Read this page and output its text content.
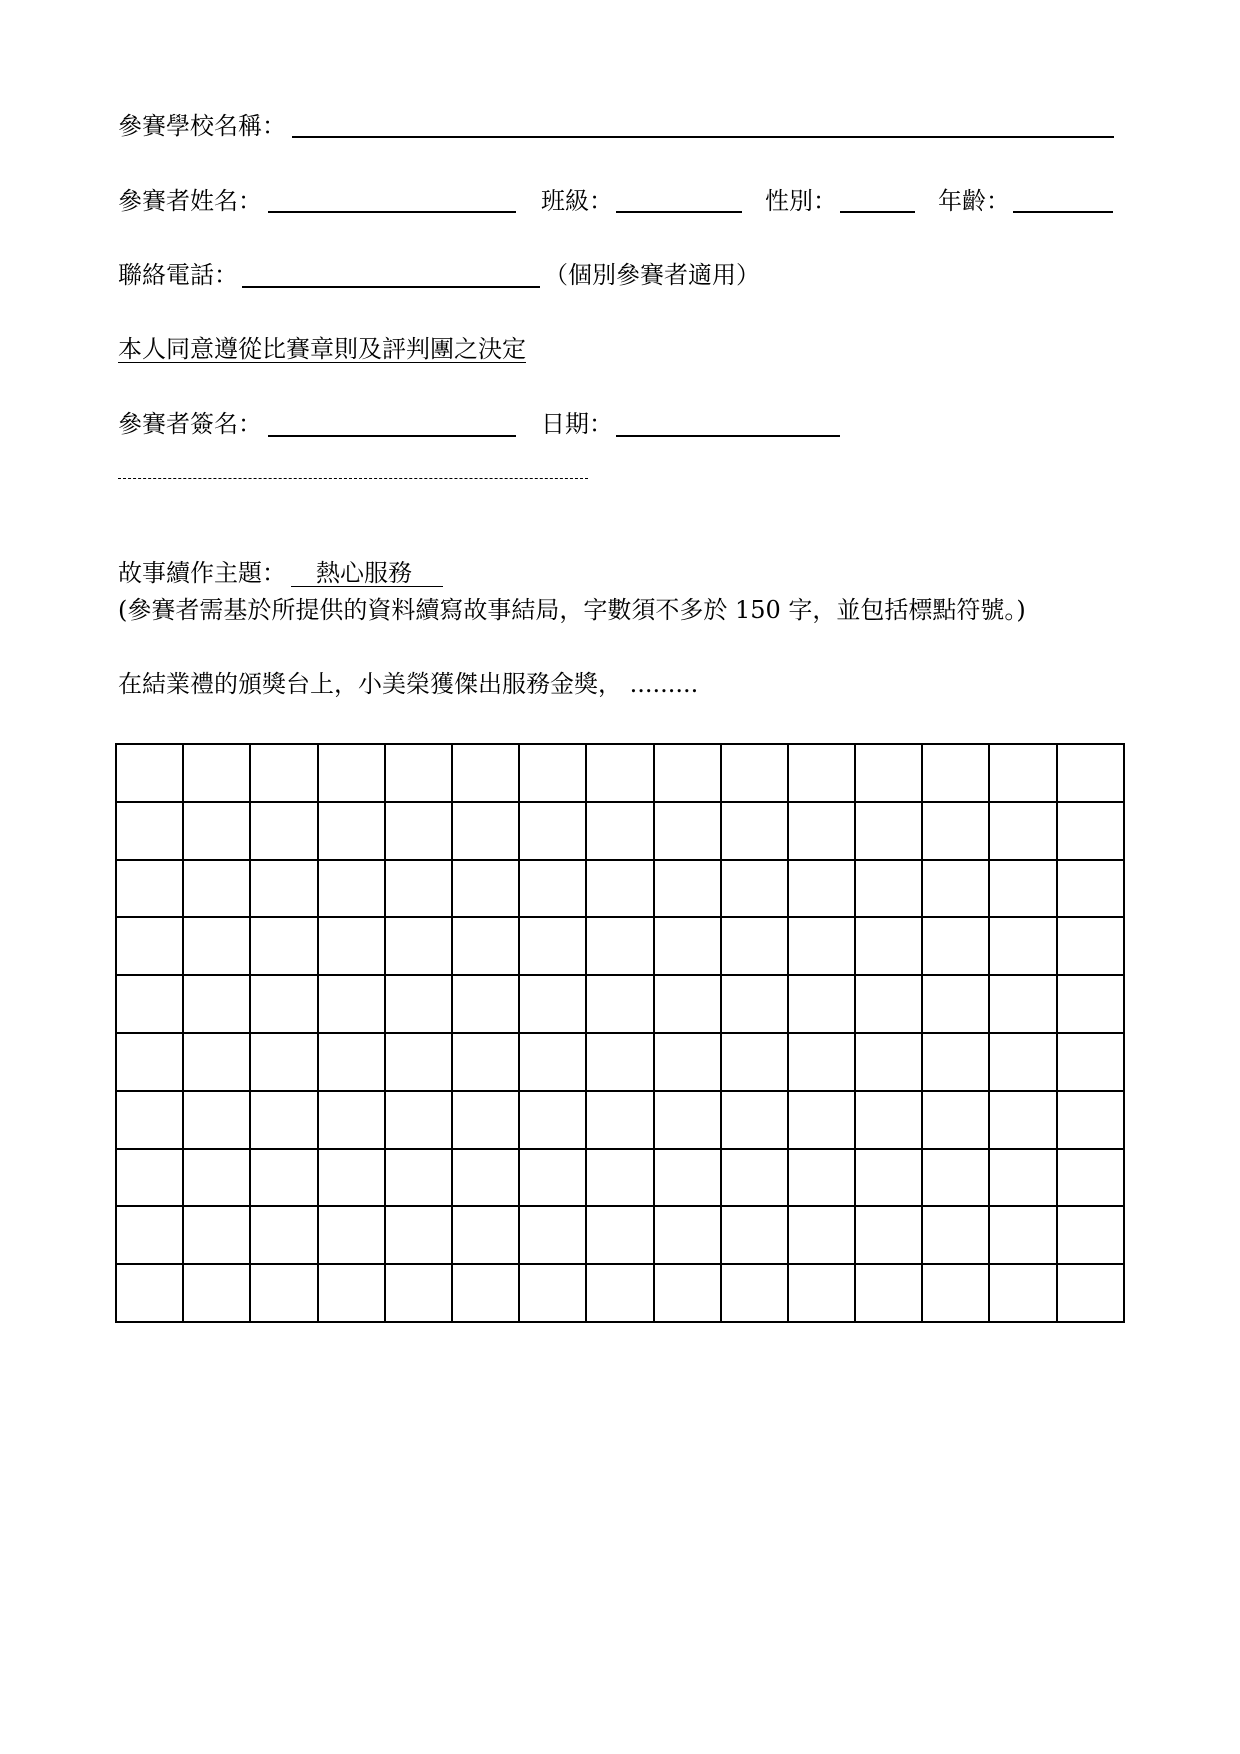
參賽學校名稱：
參賽者姓名：	班級：	性別：	年齡：
聯絡電話：	（個別參賽者適用）
本人同意遵從比賽章則及評判團之決定
參賽者簽名：	日期：
故事續作主題： 熱心服務
(參賽者需基於所提供的資料續寫故事結局，字數須不多於 150 字，並包括標點符號。)
在結業禮的頒獎台上，小美榮獲傑出服務金獎， .........
